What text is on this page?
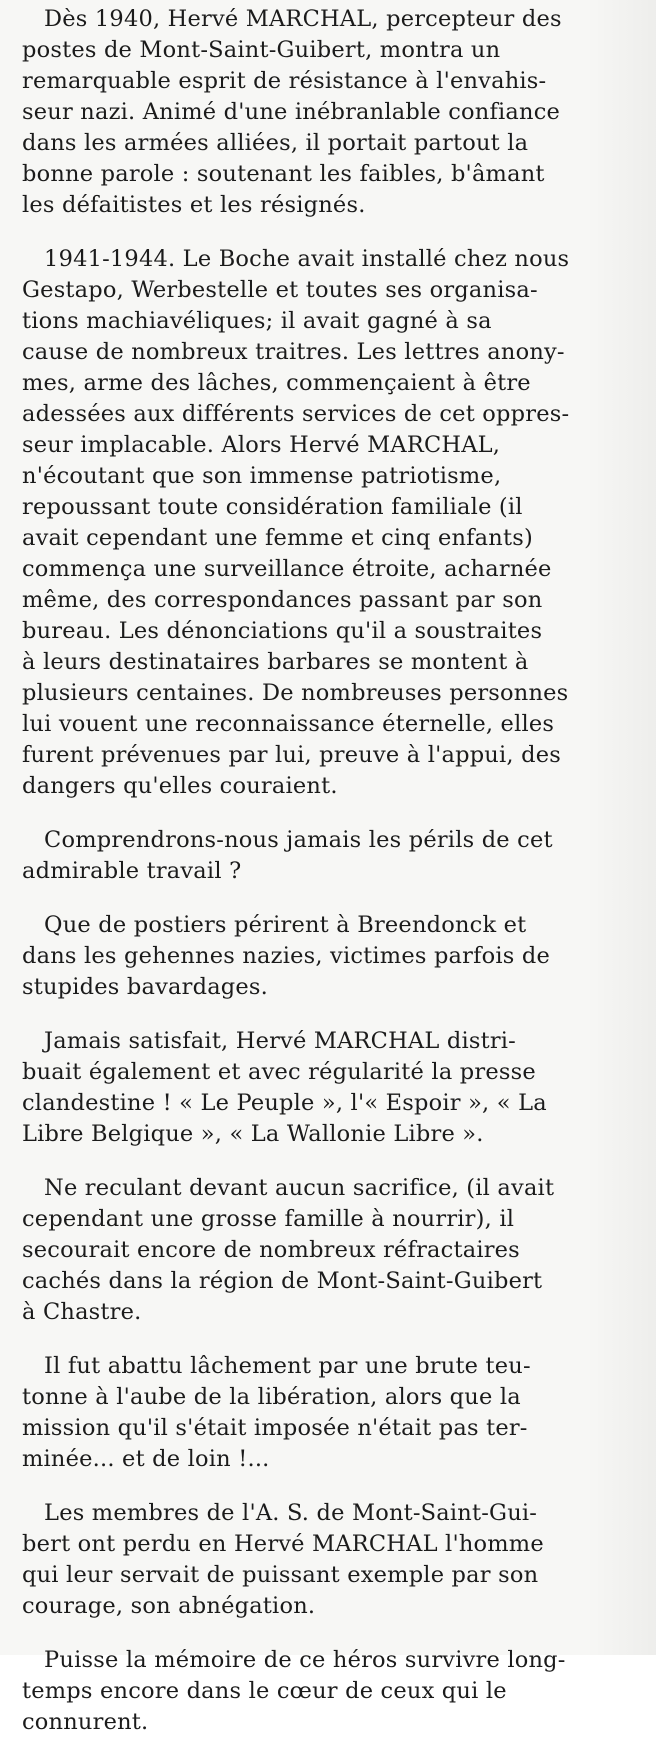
Dès 1940, Hervé MARCHAL, percepteur des
postes de Mont-Saint-Guibert, montra un
remarquable esprit de résistance à l'envahis-
seur nazi. Animé d'une inébranlable confiance
dans les armées alliées, il portait partout la
bonne parole : soutenant les faibles, b'âmant
les défaitistes et les résignés.

1941-1944. Le Boche avait installé chez nous
Gestapo, Werbestelle et toutes ses organisa-
tions machiavéliques; il avait gagné à sa
cause de nombreux traitres. Les lettres anony-
mes, arme des lâches, commençaient à être
adessées aux différents services de cet oppres-
seur implacable. Alors Hervé MARCHAL,
n'écoutant que son immense patriotisme,
repoussant toute considération familiale (il
avait cependant une femme et cinq enfants)
commença une surveillance étroite, acharnée
même, des correspondances passant par son
bureau. Les dénonciations qu'il a soustraites
à leurs destinataires barbares se montent à
plusieurs centaines. De nombreuses personnes
lui vouent une reconnaissance éternelle, elles
furent prévenues par lui, preuve à l'appui, des
dangers qu'elles couraient.

Comprendrons-nous jamais les périls de cet
admirable travail ?

Que de postiers périrent à Breendonck et
dans les gehennes nazies, victimes parfois de
stupides bavardages.

Jamais satisfait, Hervé MARCHAL distri-
buait également et avec régularité la presse
clandestine ! « Le Peuple », l'« Espoir », « La
Libre Belgique », « La Wallonie Libre ».

Ne reculant devant aucun sacrifice, (il avait
cependant une grosse famille à nourrir), il
secourait encore de nombreux réfractaires
cachés dans la région de Mont-Saint-Guibert
à Chastre.

Il fut abattu lâchement par une brute teu-
tonne à l'aube de la libération, alors que la
mission qu'il s'était imposée n'était pas ter-
minée... et de loin !...

Les membres de l'A. S. de Mont-Saint-Gui-
bert ont perdu en Hervé MARCHAL l'homme
qui leur servait de puissant exemple par son
courage, son abnégation.

Puisse la mémoire de ce héros survivre long-
temps encore dans le cœur de ceux qui le
connurent.
